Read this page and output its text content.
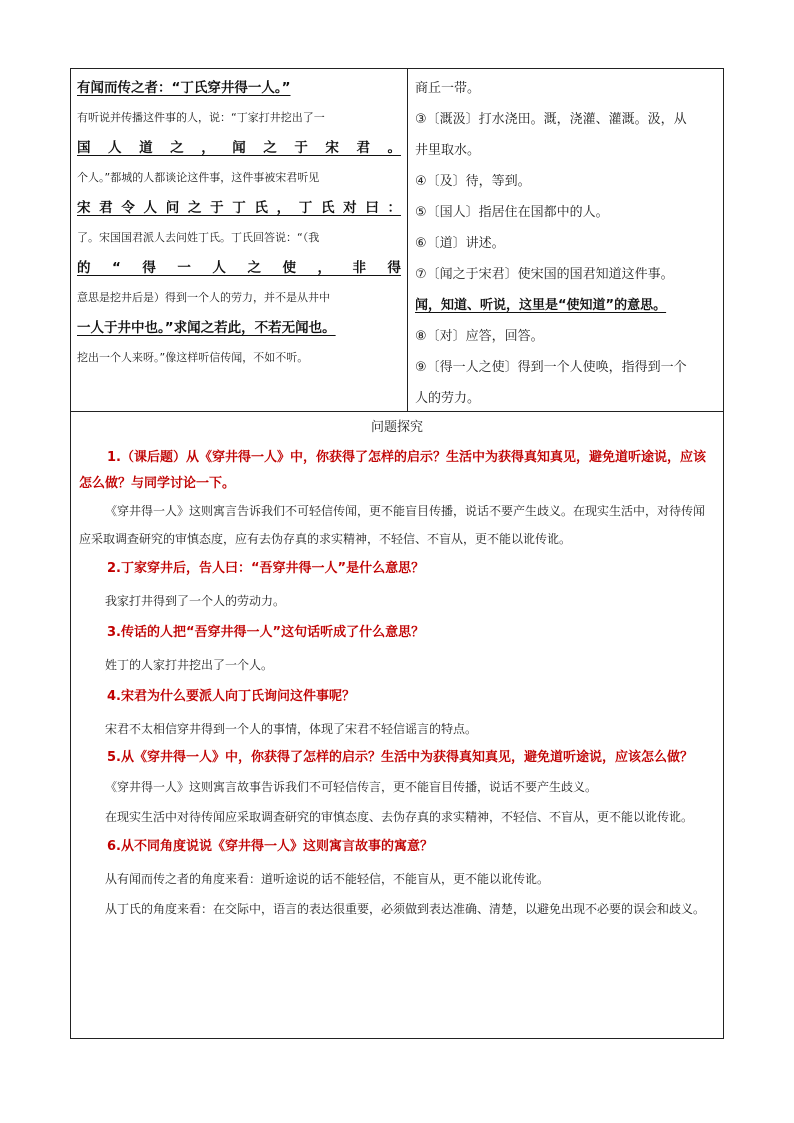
有闻而传之者：“丁氏穿井得一人。”
有听说并传播这件事的人，说：“丁家打井挖出了一
国人道之，闻之于宋君。
个人。”都城的人都谈论这件事，这件事被宋君听见
宋君令人问之于丁氏，丁氏对曰：
了。宋国国君派人去问姓丁氏。丁氏回答说：“（我
的“得一人之使，非得
意思是挖井后是）得到一个人的劳力，并不是从井中
一人于井中也。”求闻之若此，不若无闻也。
挖出一个人来呀。”像这样听信传闻，不如不听。
商丘一带。
③〔溉汲〕打水浇田。溉，浇灌、灌溉。汲，从
井里取水。
④〔及〕待，等到。
⑤〔国人〕指居住在国都中的人。
⑥〔道〕讲述。
⑦〔闻之于宋君〕使宋国的国君知道这件事。
闻，知道、听说，这里是“使知道”的意思。
⑧〔对〕应答，回答。
⑨〔得一人之使〕得到一个人使唤，指得到一个
人的劳力。
问题探究
1.（课后题）从《穿井得一人》中，你获得了怎样的启示？生活中为获得真知真见，避免道听途说，应该怎么做？与同学讨论一下。
《穿井得一人》这则寓言告诉我们不可轻信传闻，更不能盲目传播，说话不要产生歧义。在现实生活中，对待传闻应采取调查研究的审慎态度，应有去伪存真的求实精神，不轻信、不盲从，更不能以讹传讹。
2.丁家穿井后，告人曰：“吾穿井得一人”是什么意思？
我家打井得到了一个人的劳动力。
3.传话的人把“吾穿井得一人”这句话听成了什么意思？
姓丁的人家打井挖出了一个人。
4.宋君为什么要派人向丁氏询问这件事呢？
宋君不太相信穿井得到一个人的事情，体现了宋君不轻信谣言的特点。
5.从《穿井得一人》中，你获得了怎样的启示？生活中为获得真知真见，避免道听途说，应该怎么做？
《穿井得一人》这则寓言故事告诉我们不可轻信传言，更不能盲目传播，说话不要产生歧义。
在现实生活中对待传闻应采取调查研究的审慎态度、去伪存真的求实精神，不轻信、不盲从，更不能以讹传讹。
6.从不同角度说说《穿井得一人》这则寓言故事的寓意？
从有闻而传之者的角度来看：道听途说的话不能轻信，不能盲从，更不能以讹传讹。
从丁氏的角度来看：在交际中，语言的表达很重要，必须做到表达准确、清楚，以避免出现不必要的误会和歧义。
